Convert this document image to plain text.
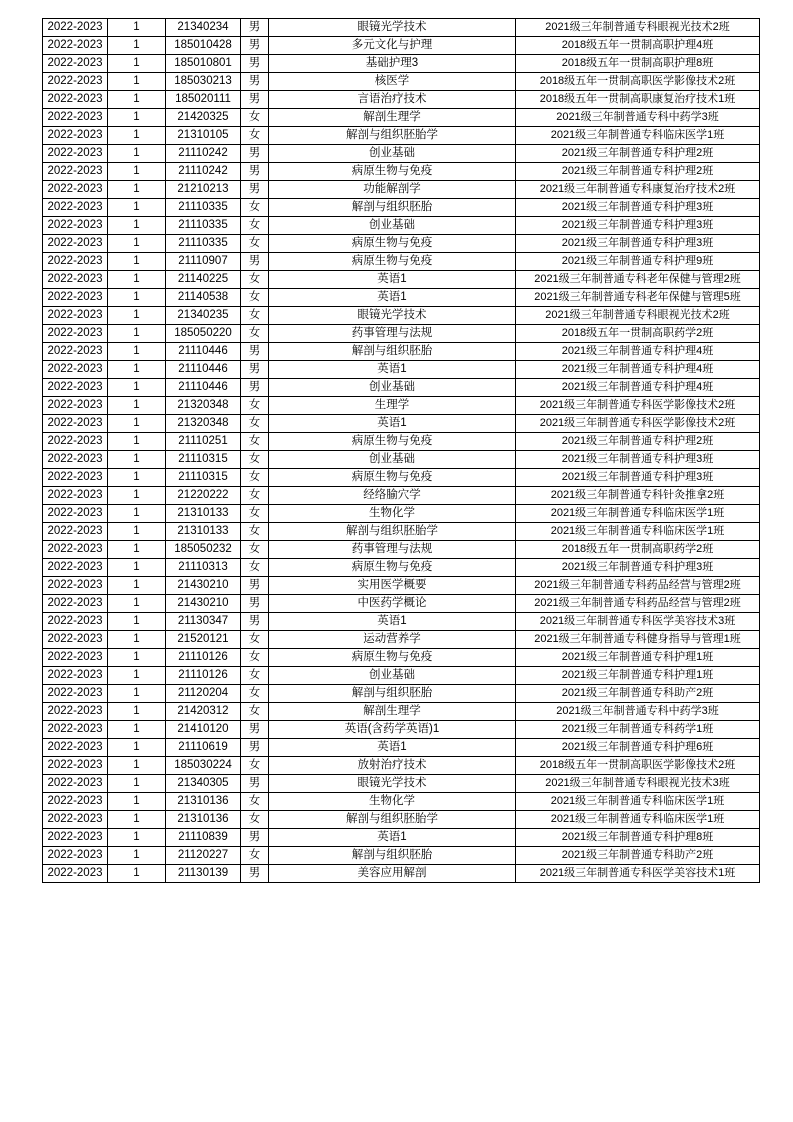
2022-2023	1	21340234	男	眼镜光学技术	2021级三年制普通专科眼视光技术2班
2022-2023	1	185010428	男	多元文化与护理	2018级五年一贯制高职护理4班
2022-2023	1	185010801	男	基础护理3	2018级五年一贯制高职护理8班
2022-2023	1	185030213	男	核医学	2018级五年一贯制高职医学影像技术2班
2022-2023	1	185020111	男	言语治疗技术	2018级五年一贯制高职康复治疗技术1班
2022-2023	1	21420325	女	解剖生理学	2021级三年制普通专科中药学3班
2022-2023	1	21310105	女	解剖与组织胚胎学	2021级三年制普通专科临床医学1班
2022-2023	1	21110242	男	创业基础	2021级三年制普通专科护理2班
2022-2023	1	21110242	男	病原生物与免疫	2021级三年制普通专科护理2班
2022-2023	1	21210213	男	功能解剖学	2021级三年制普通专科康复治疗技术2班
2022-2023	1	21110335	女	解剖与组织胚胎	2021级三年制普通专科护理3班
2022-2023	1	21110335	女	创业基础	2021级三年制普通专科护理3班
2022-2023	1	21110335	女	病原生物与免疫	2021级三年制普通专科护理3班
2022-2023	1	21110907	男	病原生物与免疫	2021级三年制普通专科护理9班
2022-2023	1	21140225	女	英语1	2021级三年制普通专科老年保健与管理2班
2022-2023	1	21140538	女	英语1	2021级三年制普通专科老年保健与管理5班
2022-2023	1	21340235	女	眼镜光学技术	2021级三年制普通专科眼视光技术2班
2022-2023	1	185050220	女	药事管理与法规	2018级五年一贯制高职药学2班
2022-2023	1	21110446	男	解剖与组织胚胎	2021级三年制普通专科护理4班
2022-2023	1	21110446	男	英语1	2021级三年制普通专科护理4班
2022-2023	1	21110446	男	创业基础	2021级三年制普通专科护理4班
2022-2023	1	21320348	女	生理学	2021级三年制普通专科医学影像技术2班
2022-2023	1	21320348	女	英语1	2021级三年制普通专科医学影像技术2班
2022-2023	1	21110251	女	病原生物与免疫	2021级三年制普通专科护理2班
2022-2023	1	21110315	女	创业基础	2021级三年制普通专科护理3班
2022-2023	1	21110315	女	病原生物与免疫	2021级三年制普通专科护理3班
2022-2023	1	21220222	女	经络腧穴学	2021级三年制普通专科针灸推拿2班
2022-2023	1	21310133	女	生物化学	2021级三年制普通专科临床医学1班
2022-2023	1	21310133	女	解剖与组织胚胎学	2021级三年制普通专科临床医学1班
2022-2023	1	185050232	女	药事管理与法规	2018级五年一贯制高职药学2班
2022-2023	1	21110313	女	病原生物与免疫	2021级三年制普通专科护理3班
2022-2023	1	21430210	男	实用医学概要	2021级三年制普通专科药品经营与管理2班
2022-2023	1	21430210	男	中医药学概论	2021级三年制普通专科药品经营与管理2班
2022-2023	1	21130347	男	英语1	2021级三年制普通专科医学美容技术3班
2022-2023	1	21520121	女	运动营养学	2021级三年制普通专科健身指导与管理1班
2022-2023	1	21110126	女	病原生物与免疫	2021级三年制普通专科护理1班
2022-2023	1	21110126	女	创业基础	2021级三年制普通专科护理1班
2022-2023	1	21120204	女	解剖与组织胚胎	2021级三年制普通专科助产2班
2022-2023	1	21420312	女	解剖生理学	2021级三年制普通专科中药学3班
2022-2023	1	21410120	男	英语(含药学英语)1	2021级三年制普通专科药学1班
2022-2023	1	21110619	男	英语1	2021级三年制普通专科护理6班
2022-2023	1	185030224	女	放射治疗技术	2018级五年一贯制高职医学影像技术2班
2022-2023	1	21340305	男	眼镜光学技术	2021级三年制普通专科眼视光技术3班
2022-2023	1	21310136	女	生物化学	2021级三年制普通专科临床医学1班
2022-2023	1	21310136	女	解剖与组织胚胎学	2021级三年制普通专科临床医学1班
2022-2023	1	21110839	男	英语1	2021级三年制普通专科护理8班
2022-2023	1	21120227	女	解剖与组织胚胎	2021级三年制普通专科助产2班
2022-2023	1	21130139	男	美容应用解剖	2021级三年制普通专科医学美容技术1班
